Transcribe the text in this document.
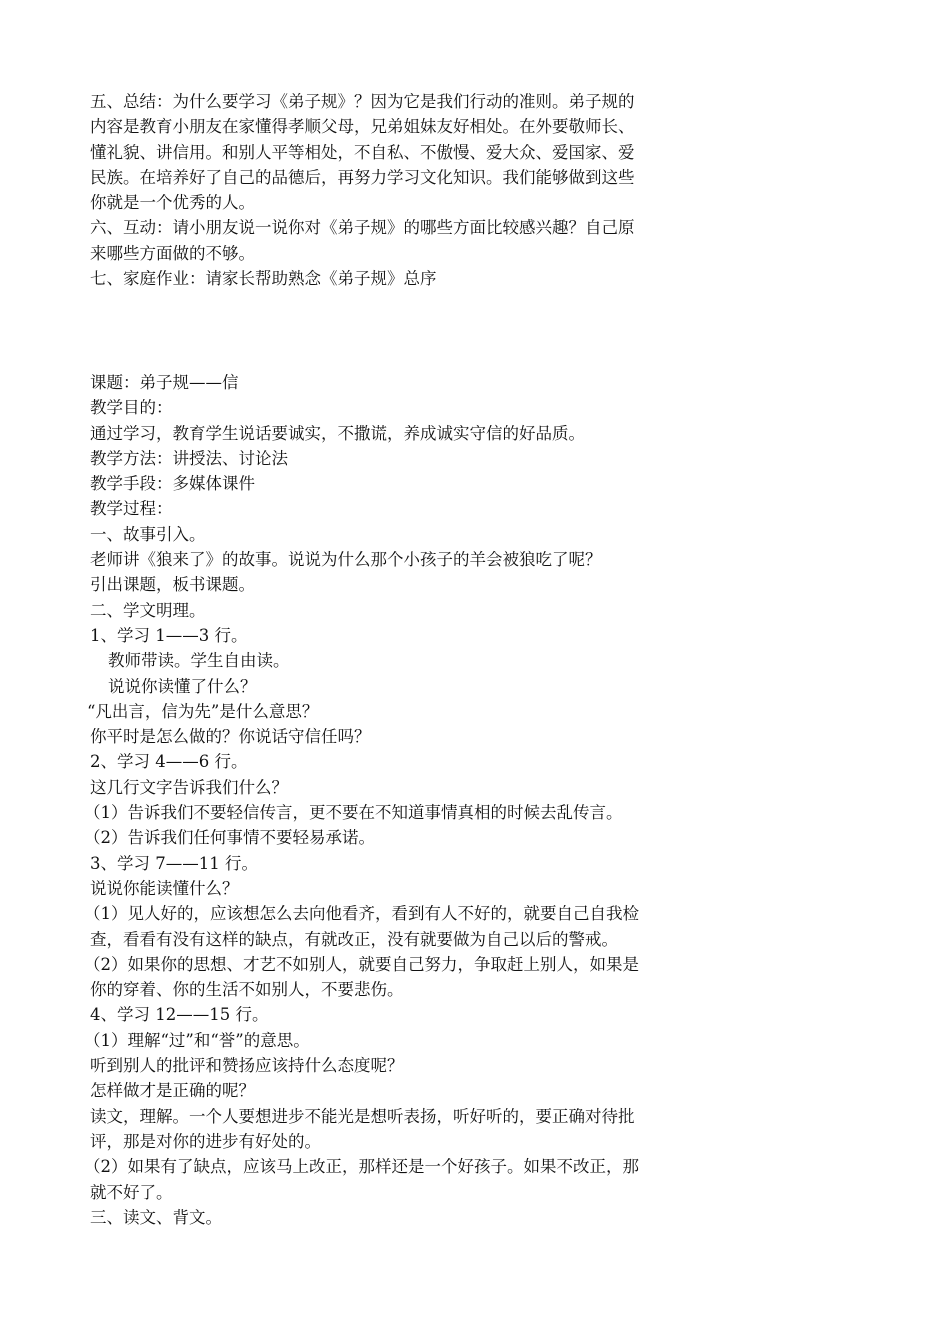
五、总结：为什么要学习《弟子规》？因为它是我们行动的准则。弟子规的
内容是教育小朋友在家懂得孝顺父母，兄弟姐妹友好相处。在外要敬师长、
懂礼貌、讲信用。和别人平等相处，不自私、不傲慢、爱大众、爱国家、爱
民族。在培养好了自己的品德后，再努力学习文化知识。我们能够做到这些
你就是一个优秀的人。
六、互动：请小朋友说一说你对《弟子规》的哪些方面比较感兴趣？自己原
来哪些方面做的不够。
七、家庭作业：请家长帮助熟念《弟子规》总序
课题：弟子规——信
教学目的：
通过学习，教育学生说话要诚实，不撒谎，养成诚实守信的好品质。
教学方法：讲授法、讨论法
教学手段：多媒体课件
教学过程：
一、故事引入。
老师讲《狼来了》的故事。说说为什么那个小孩子的羊会被狼吃了呢？
引出课题，板书课题。
二、学文明理。
1、学习 1——3 行。
教师带读。学生自由读。
说说你读懂了什么？
“凡出言，信为先”是什么意思？
你平时是怎么做的？你说话守信任吗？
2、学习 4——6 行。
这几行文字告诉我们什么？
（1）告诉我们不要轻信传言，更不要在不知道事情真相的时候去乱传言。
（2）告诉我们任何事情不要轻易承诺。
3、学习 7——11 行。
说说你能读懂什么？
（1）见人好的，应该想怎么去向他看齐，看到有人不好的，就要自己自我检
查，看看有没有这样的缺点，有就改正，没有就要做为自己以后的警戒。
（2）如果你的思想、才艺不如别人，就要自己努力，争取赶上别人，如果是
你的穿着、你的生活不如别人，不要悲伤。
4、学习 12——15 行。
（1）理解“过”和“誉”的意思。
听到别人的批评和赞扬应该持什么态度呢？
怎样做才是正确的呢？
读文，理解。一个人要想进步不能光是想听表扬，听好听的，要正确对待批
评，那是对你的进步有好处的。
（2）如果有了缺点，应该马上改正，那样还是一个好孩子。如果不改正，那
就不好了。
三、读文、背文。
